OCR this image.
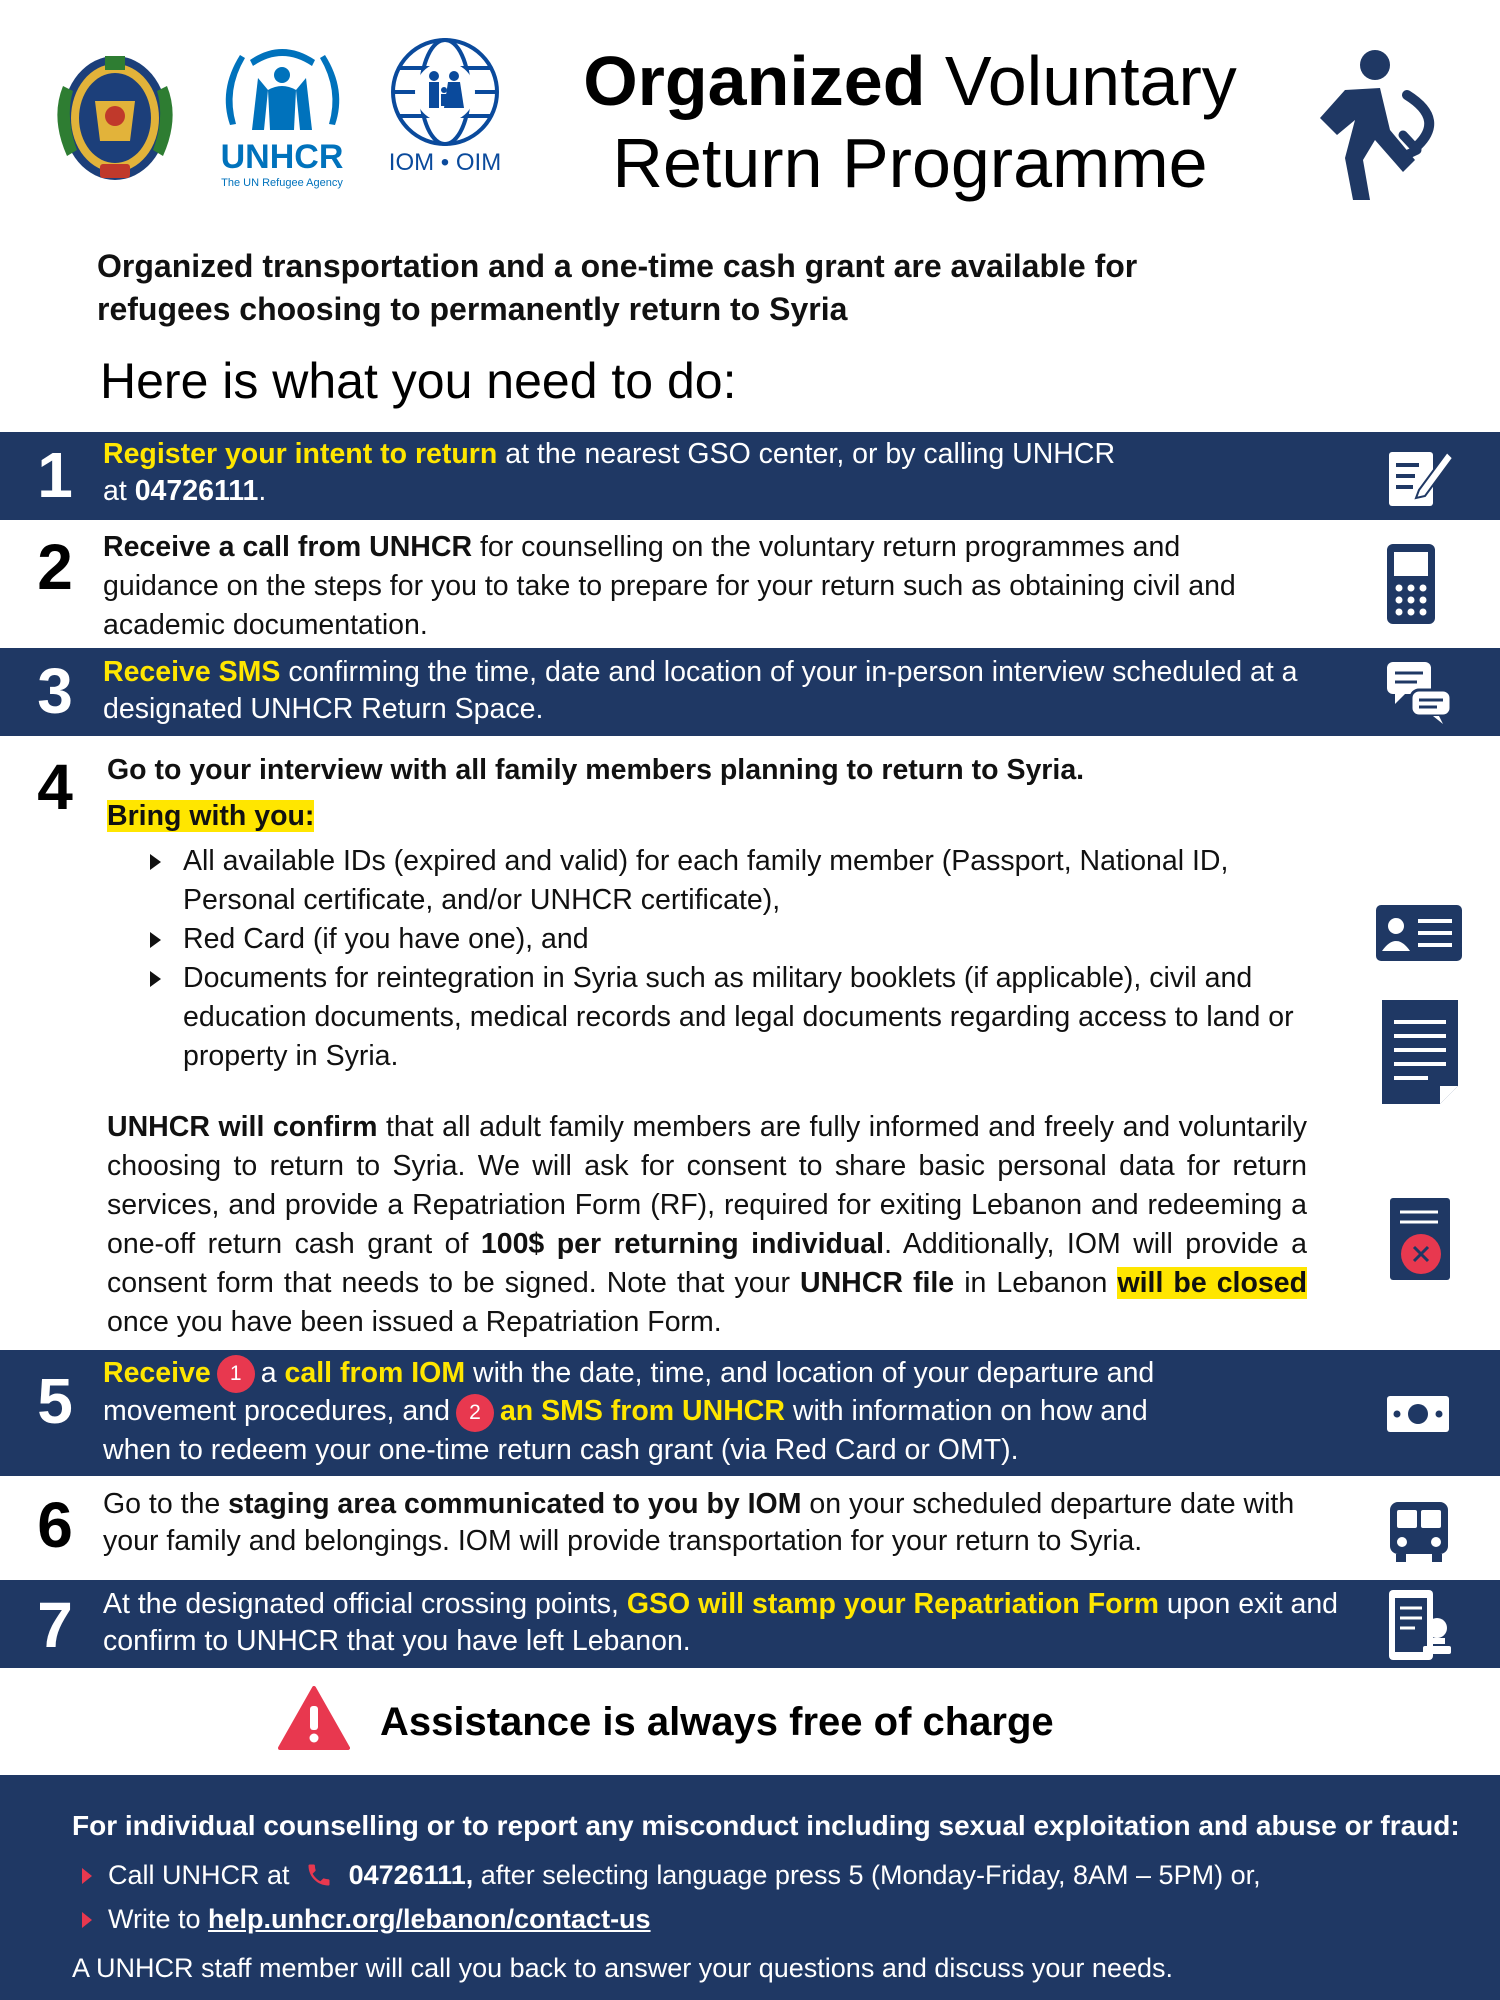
UNHCR
The UN Refugee Agency
IOM • OIM
Organized Voluntary
Return Programme
Organized transportation and a one-time cash grant are available for
refugees choosing to permanently return to Syria
Here is what you need to do:
1 Register your intent to return at the nearest GSO center, or by calling UNHCR
at 04726111.
2 Receive a call from UNHCR for counselling on the voluntary return programmes and guidance on the steps for you to take to prepare for your return such as obtaining civil and academic documentation.
3 Receive SMS confirming the time, date and location of your in-person interview scheduled at a designated UNHCR Return Space.
4 Go to your interview with all family members planning to return to Syria.
Bring with you:
All available IDs (expired and valid) for each family member (Passport, National ID, Personal certificate, and/or UNHCR certificate),
Red Card (if you have one), and
Documents for reintegration in Syria such as military booklets (if applicable), civil and education documents, medical records and legal documents regarding access to land or property in Syria.
UNHCR will confirm that all adult family members are fully informed and freely and voluntarily choosing to return to Syria. We will ask for consent to share basic personal data for return services, and provide a Repatriation Form (RF), required for exiting Lebanon and redeeming a one-off return cash grant of 100$ per returning individual. Additionally, IOM will provide a consent form that needs to be signed. Note that your UNHCR file in Lebanon will be closed once you have been issued a Repatriation Form.
5 Receive 1 a call from IOM with the date, time, and location of your departure and
movement procedures, and 2 an SMS from UNHCR with information on how and
when to redeem your one-time return cash grant (via Red Card or OMT).
6 Go to the staging area communicated to you by IOM on your scheduled departure date with your family and belongings. IOM will provide transportation for your return to Syria.
7 At the designated official crossing points, GSO will stamp your Repatriation Form upon exit and confirm to UNHCR that you have left Lebanon.
Assistance is always free of charge
For individual counselling or to report any misconduct including sexual exploitation and abuse or fraud:
Call UNHCR at 04726111, after selecting language press 5 (Monday-Friday, 8AM – 5PM) or,
Write to help.unhcr.org/lebanon/contact-us
A UNHCR staff member will call you back to answer your questions and discuss your needs.
